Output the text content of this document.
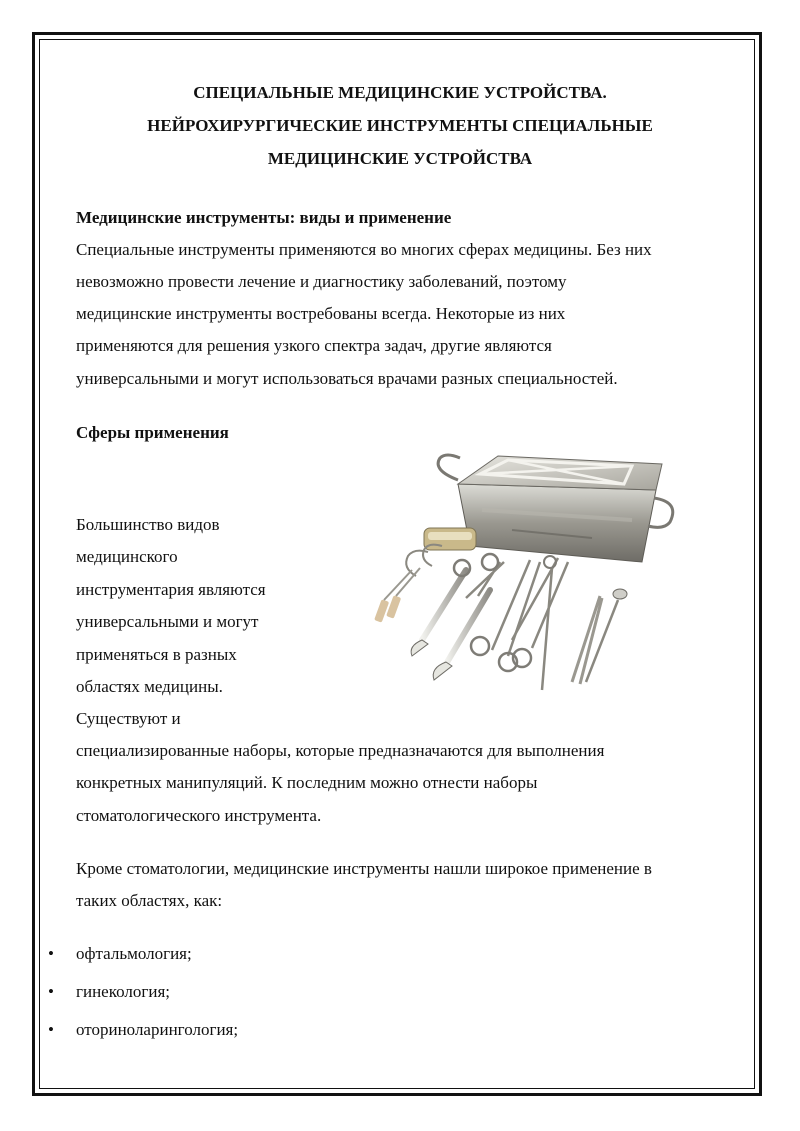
СПЕЦИАЛЬНЫЕ МЕДИЦИНСКИЕ УСТРОЙСТВА.
НЕЙРОХИРУРГИЧЕСКИЕ ИНСТРУМЕНТЫ СПЕЦИАЛЬНЫЕ
МЕДИЦИНСКИЕ УСТРОЙСТВА
Медицинские инструменты: виды и применение
Специальные инструменты применяются во многих сферах медицины. Без них
невозможно провести лечение и диагностику заболеваний, поэтому
медицинские инструменты востребованы всегда. Некоторые из них
применяются для решения узкого спектра задач, другие являются
универсальными и могут использоваться врачами разных специальностей.
Сферы применения
Большинство видов
медицинского
инструментария являются
универсальными и могут
применяться в разных
областях медицины.
Существуют и
специализированные наборы, которые предназначаются для выполнения
конкретных манипуляций. К последним можно отнести наборы
стоматологического инструмента.
Кроме стоматологии, медицинские инструменты нашли широкое применение в
таких областях, как:
• офтальмология;
• гинекология;
• оториноларингология;
